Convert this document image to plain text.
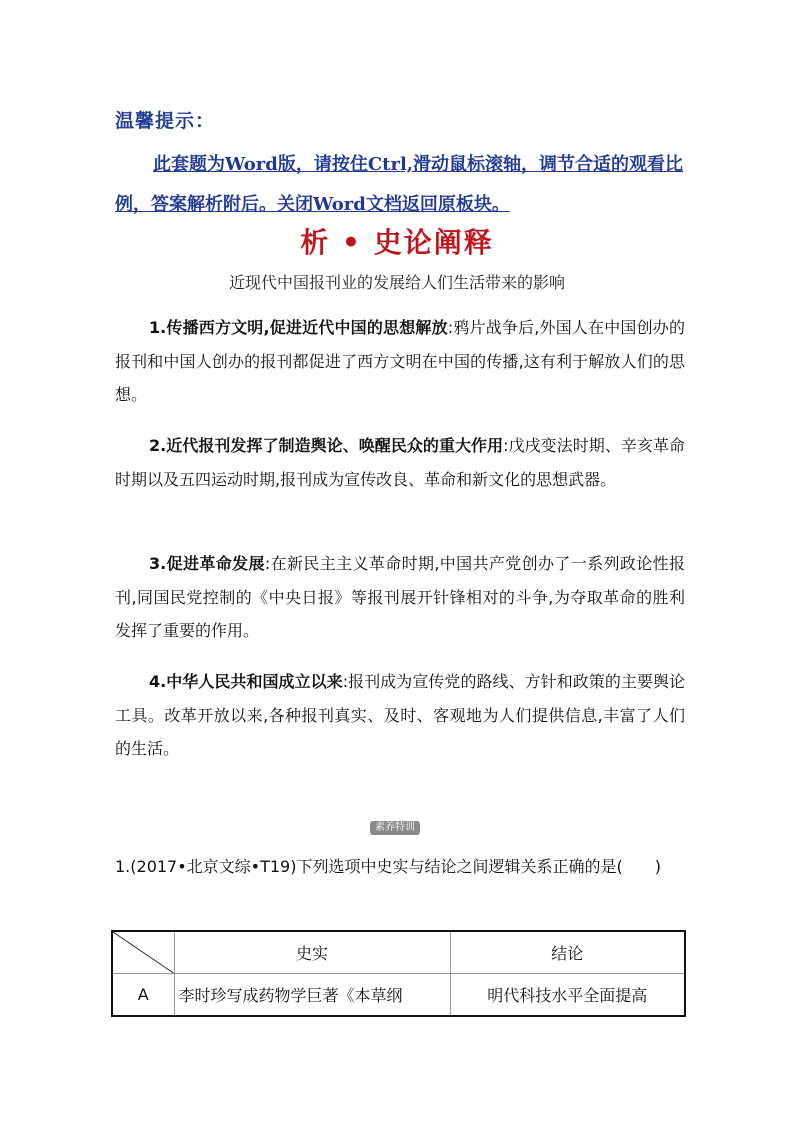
温馨提示：
此套题为Word版，请按住Ctrl,滑动鼠标滚轴，调节合适的观看比例，答案解析附后。关闭Word文档返回原板块。
析 • 史论阐释
近现代中国报刊业的发展给人们生活带来的影响
1.传播西方文明,促进近代中国的思想解放:鸦片战争后,外国人在中国创办的报刊和中国人创办的报刊都促进了西方文明在中国的传播,这有利于解放人们的思想。
2.近代报刊发挥了制造舆论、唤醒民众的重大作用:戊戌变法时期、辛亥革命时期以及五四运动时期,报刊成为宣传改良、革命和新文化的思想武器。
3.促进革命发展:在新民主主义革命时期,中国共产党创办了一系列政论性报刊,同国民党控制的《中央日报》等报刊展开针锋相对的斗争,为夺取革命的胜利发挥了重要的作用。
4.中华人民共和国成立以来:报刊成为宣传党的路线、方针和政策的主要舆论工具。改革开放以来,各种报刊真实、及时、客观地为人们提供信息,丰富了人们的生活。
素养特训
1.(2017•北京文综•T19)下列选项中史实与结论之间逻辑关系正确的是(　　)
	史实	结论
A	李时珍写成药物学巨著《本草纲	明代科技水平全面提高
